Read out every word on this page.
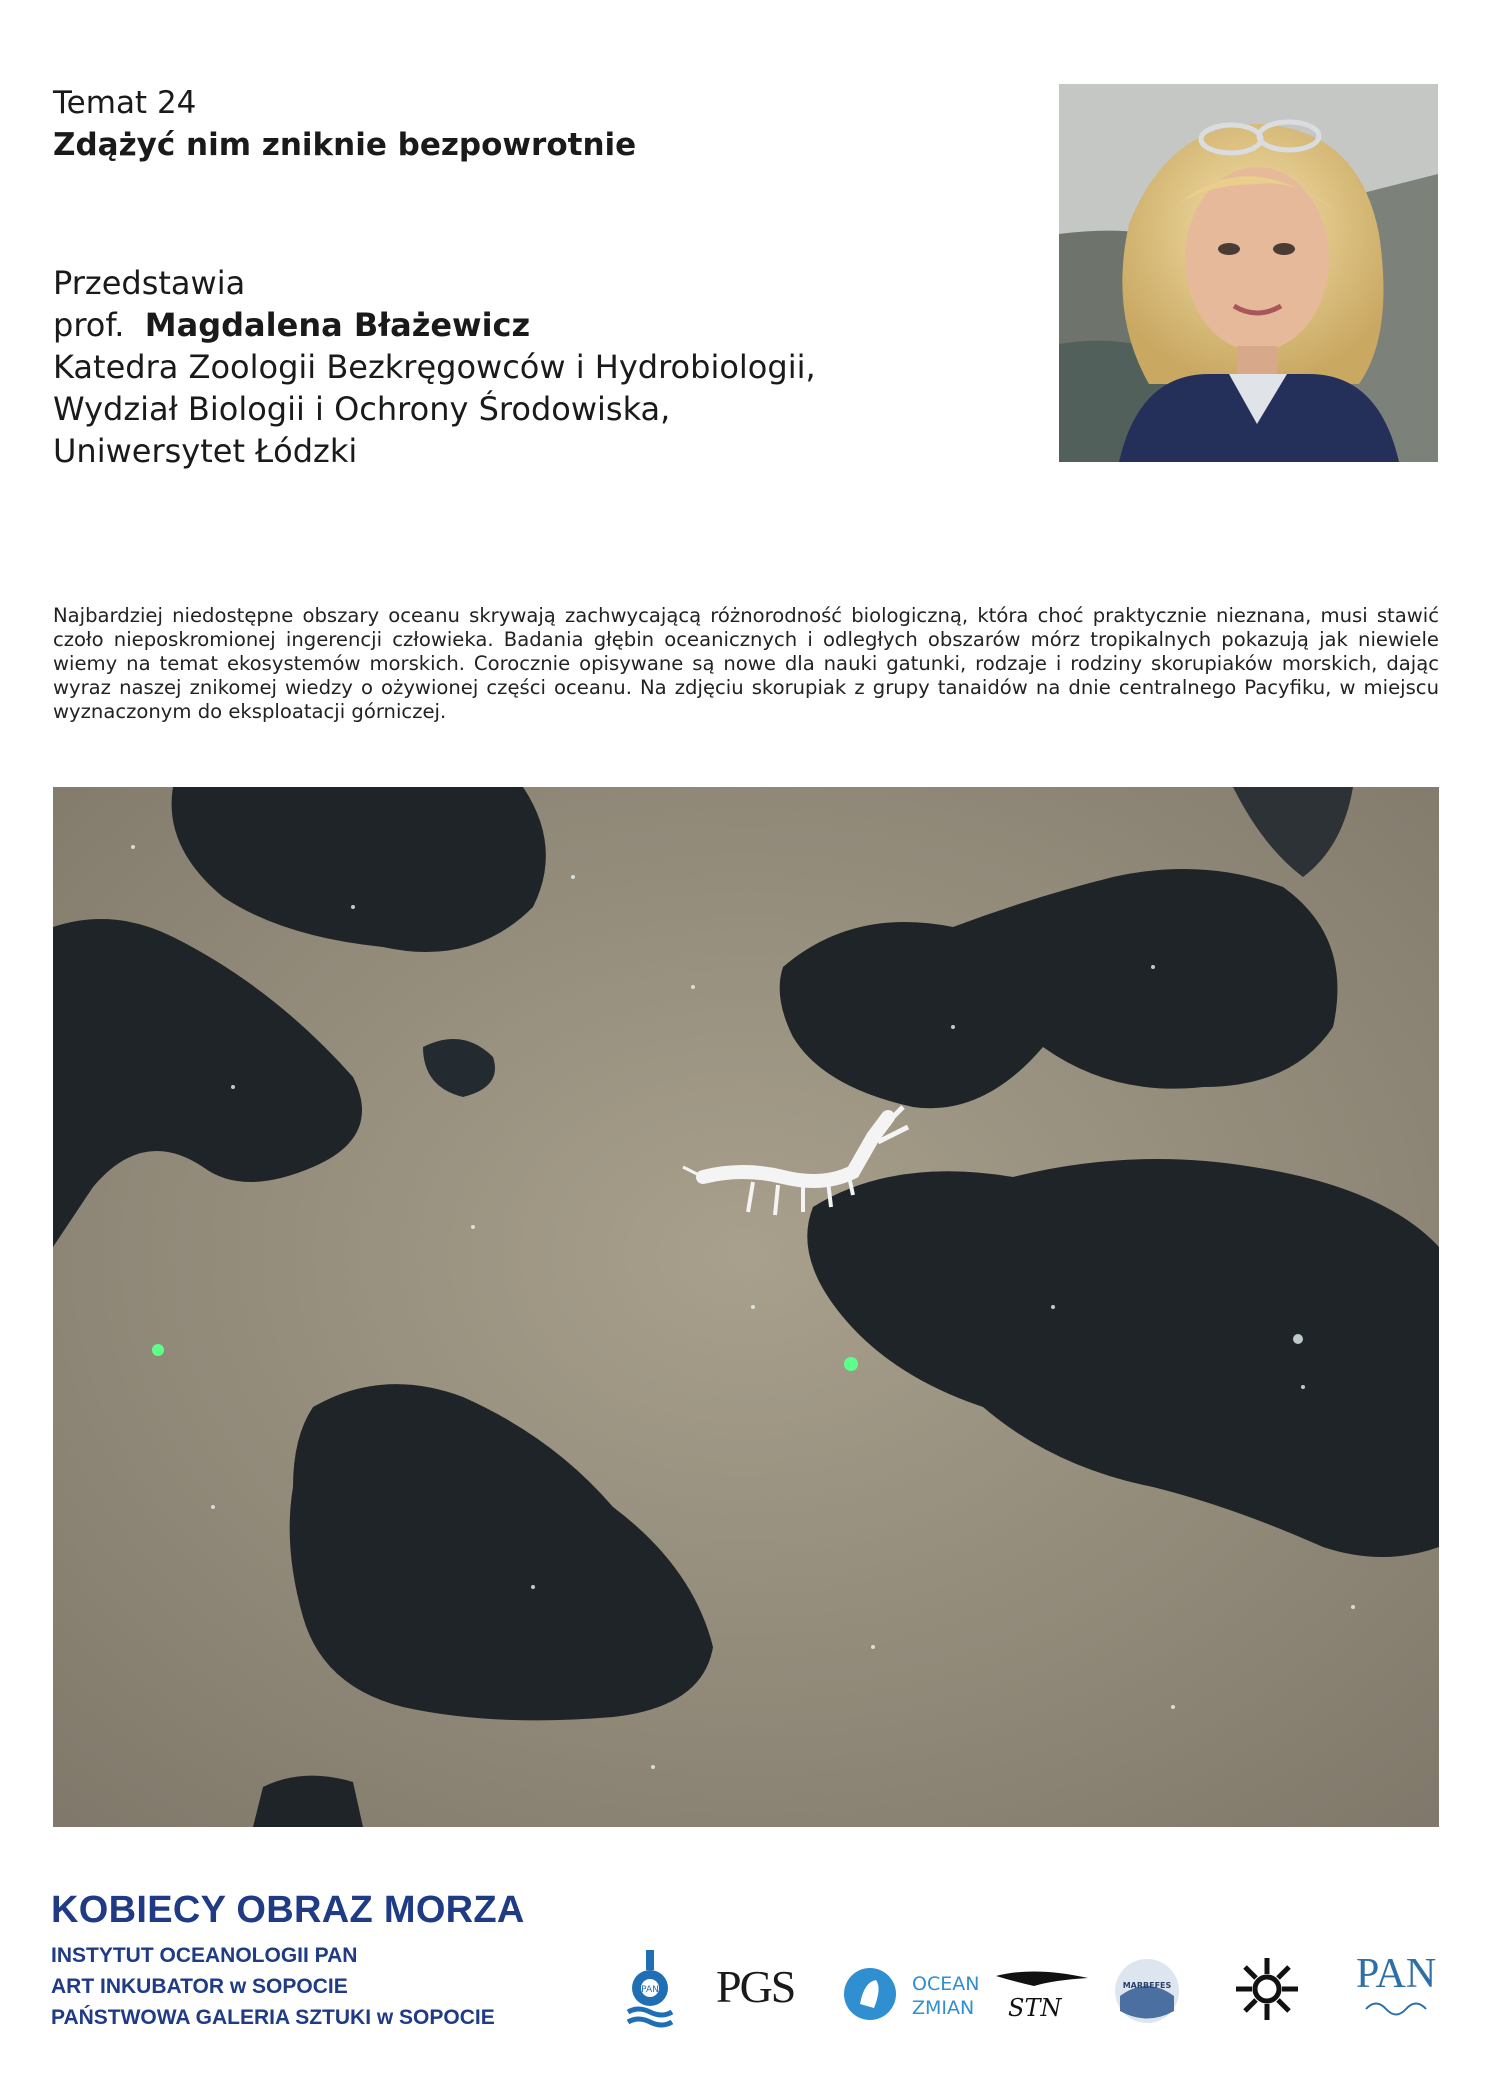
Temat 24
Zdążyć nim zniknie bezpowrotnie
Przedstawia
prof. Magdalena Błażewicz
Katedra Zoologii Bezkręgowców i Hydrobiologii,
Wydział Biologii i Ochrony Środowiska,
Uniwersytet Łódzki
Najbardziej niedostępne obszary oceanu skrywają zachwycającą różnorodność biologiczną, która choć praktycznie nieznana, musi stawić czoło nieposkromionej ingerencji człowieka. Badania głębin oceanicznych i odległych obszarów mórz tropikalnych pokazują jak niewiele wiemy na temat ekosystemów morskich. Corocznie opisywane są nowe dla nauki gatunki, rodzaje i rodziny skorupiaków morskich, dając wyraz naszej znikomej wiedzy o ożywionej części oceanu. Na zdjęciu skorupiak z grupy tanaidów na dnie centralnego Pacyfiku, w miejscu wyznaczonym do eksploatacji górniczej.
KOBIECY OBRAZ MORZA
INSTYTUT OCEANOLOGII PAN
ART INKUBATOR w SOPOCIE
PAŃSTWOWA GALERIA SZTUKI w SOPOCIE
PAN PGS	OCEAN
ZMIAN STN
MARBEFES	PAN
